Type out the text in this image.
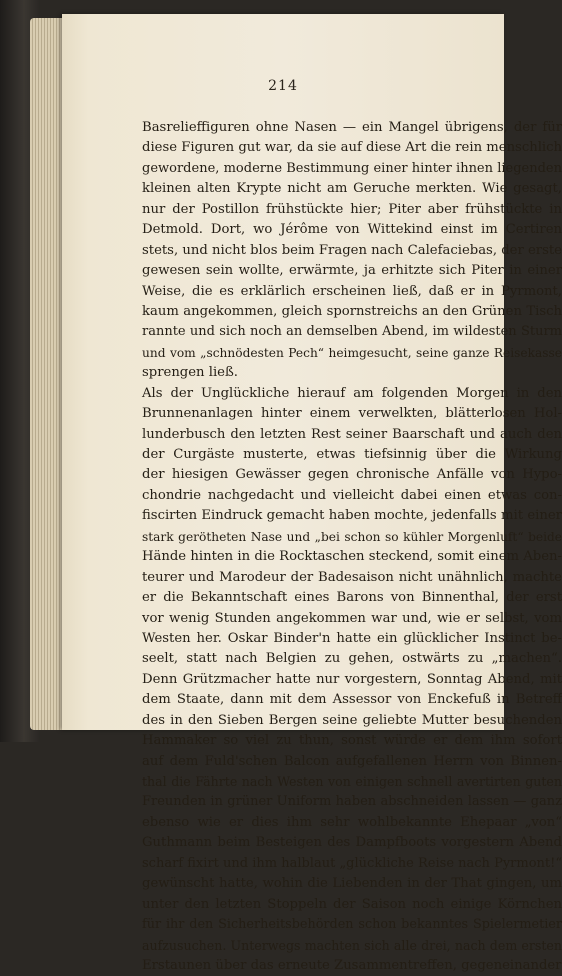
214
Basrelieffiguren ohne Nasen — ein Mangel übrigens, der für
diese Figuren gut war, da sie auf diese Art die rein menschlich
gewordene, moderne Bestimmung einer hinter ihnen liegenden
kleinen alten Krypte nicht am Geruche merkten. Wie gesagt,
nur der Postillon frühstückte hier; Piter aber frühstückte in
Detmold. Dort, wo Jérôme von Wittekind einst im Certiren
stets, und nicht blos beim Fragen nach Calefaciebas, der erste
gewesen sein wollte, erwärmte, ja erhitzte sich Piter in einer
Weise, die es erklärlich erscheinen ließ, daß er in Pyrmont,
kaum angekommen, gleich spornstreichs an den Grünen Tisch
rannte und sich noch an demselben Abend, im wildesten Sturm
und vom „schnödesten Pech“ heimgesucht, seine ganze Reisekasse
sprengen ließ.
Als der Unglückliche hierauf am folgenden Morgen in den
Brunnenanlagen hinter einem verwelkten, blätterlosen Hol-
lunderbusch den letzten Rest seiner Baarschaft und auch den
der Curgäste musterte, etwas tiefsinnig über die Wirkung
der hiesigen Gewässer gegen chronische Anfälle von Hypo-
chondrie nachgedacht und vielleicht dabei einen etwas con-
fiscirten Eindruck gemacht haben mochte, jedenfalls mit einer
stark gerötheten Nase und „bei schon so kühler Morgenluft“ beide
Hände hinten in die Rocktaschen steckend, somit einem Aben-
teurer und Marodeur der Badesaison nicht unähnlich, machte
er die Bekanntschaft eines Barons von Binnenthal, der erst
vor wenig Stunden angekommen war und, wie er selbst, vom
Westen her. Oskar Binder'n hatte ein glücklicher Instinct be-
seelt, statt nach Belgien zu gehen, ostwärts zu „machen“.
Denn Grützmacher hatte nur vorgestern, Sonntag Abend, mit
dem Staate, dann mit dem Assessor von Enckefuß in Betreff
des in den Sieben Bergen seine geliebte Mutter besuchenden
Hammaker so viel zu thun, sonst würde er dem ihm sofort
auf dem Fuld'schen Balcon aufgefallenen Herrn von Binnen-
thal die Fährte nach Westen von einigen schnell avertirten guten
Freunden in grüner Uniform haben abschneiden lassen — ganz
ebenso wie er dies ihm sehr wohlbekannte Ehepaar „von“
Guthmann beim Besteigen des Dampfboots vorgestern Abend
scharf fixirt und ihm halblaut „glückliche Reise nach Pyrmont!“
gewünscht hatte, wohin die Liebenden in der That gingen, um
unter den letzten Stoppeln der Saison noch einige Körnchen
für ihr den Sicherheitsbehörden schon bekanntes Spielermetier
aufzusuchen. Unterwegs machten sich alle drei, nach dem ersten
Erstaunen über das erneute Zusammentreffen, gegeneinander
